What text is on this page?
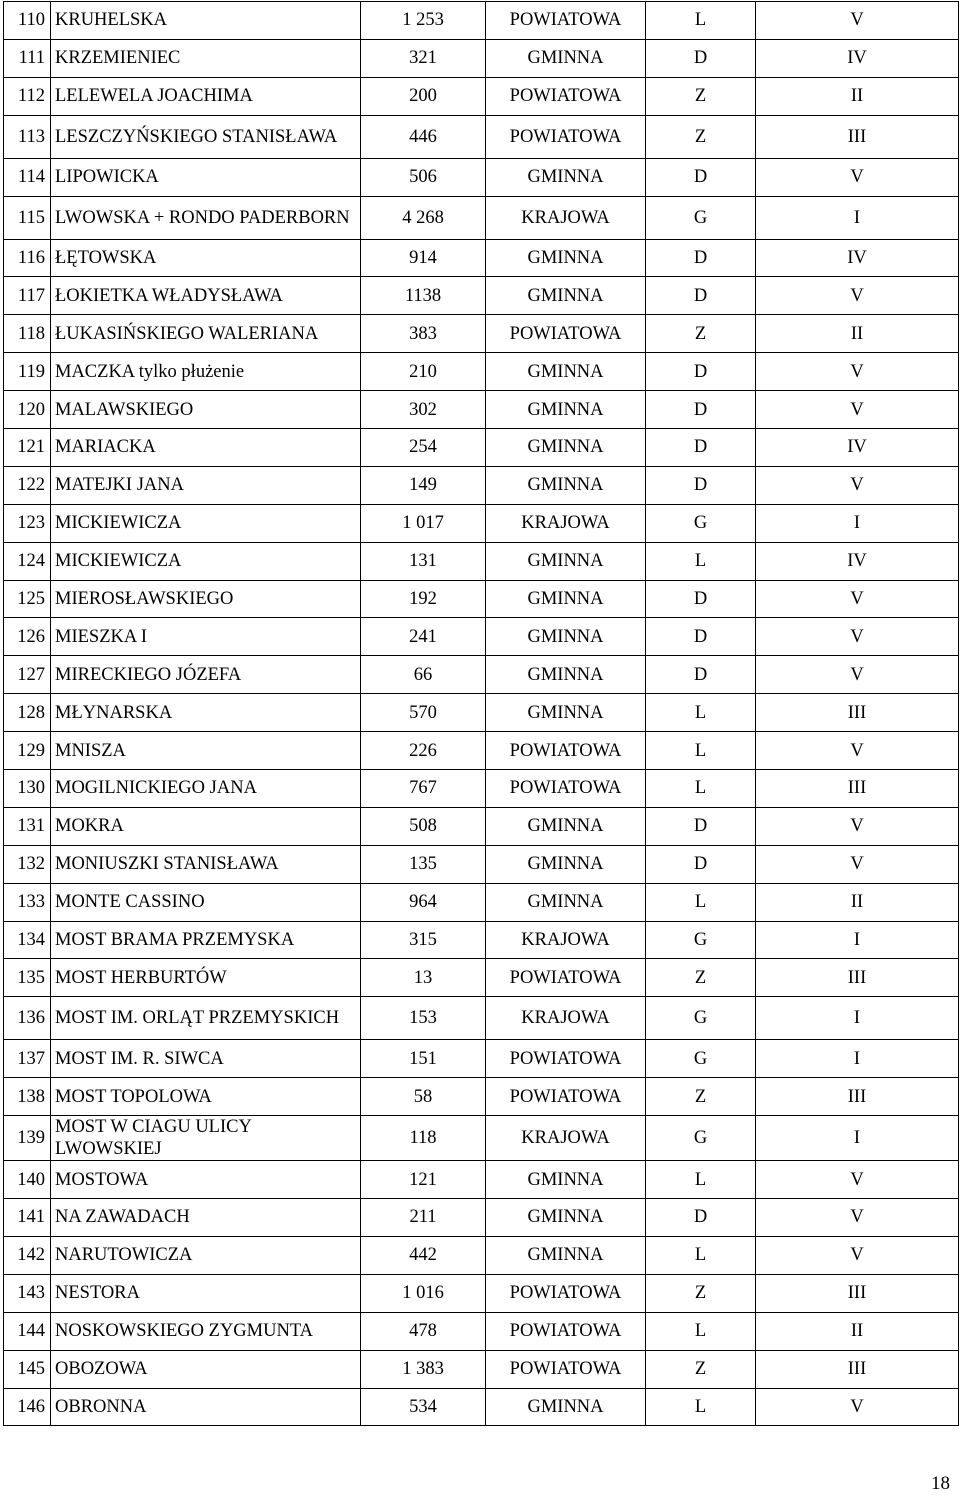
110	KRUHELSKA	1 253	POWIATOWA	L	V
111	KRZEMIENIEC	321	GMINNA	D	IV
112	LELEWELA JOACHIMA	200	POWIATOWA	Z	II
113	LESZCZYŃSKIEGO STANISŁAWA	446	POWIATOWA	Z	III
114	LIPOWICKA	506	GMINNA	D	V
115	LWOWSKA + RONDO PADERBORN	4 268	KRAJOWA	G	I
116	ŁĘTOWSKA	914	GMINNA	D	IV
117	ŁOKIETKA WŁADYSŁAWA	1138	GMINNA	D	V
118	ŁUKASIŃSKIEGO WALERIANA	383	POWIATOWA	Z	II
119	MACZKA tylko płużenie	210	GMINNA	D	V
120	MALAWSKIEGO	302	GMINNA	D	V
121	MARIACKA	254	GMINNA	D	IV
122	MATEJKI JANA	149	GMINNA	D	V
123	MICKIEWICZA	1 017	KRAJOWA	G	I
124	MICKIEWICZA	131	GMINNA	L	IV
125	MIEROSŁAWSKIEGO	192	GMINNA	D	V
126	MIESZKA I	241	GMINNA	D	V
127	MIRECKIEGO JÓZEFA	66	GMINNA	D	V
128	MŁYNARSKA	570	GMINNA	L	III
129	MNISZA	226	POWIATOWA	L	V
130	MOGILNICKIEGO JANA	767	POWIATOWA	L	III
131	MOKRA	508	GMINNA	D	V
132	MONIUSZKI STANISŁAWA	135	GMINNA	D	V
133	MONTE CASSINO	964	GMINNA	L	II
134	MOST BRAMA PRZEMYSKA	315	KRAJOWA	G	I
135	MOST HERBURTÓW	13	POWIATOWA	Z	III
136	MOST IM. ORLĄT PRZEMYSKICH	153	KRAJOWA	G	I
137	MOST IM. R. SIWCA	151	POWIATOWA	G	I
138	MOST TOPOLOWA	58	POWIATOWA	Z	III
139	MOST W CIAGU ULICY LWOWSKIEJ	118	KRAJOWA	G	I
140	MOSTOWA	121	GMINNA	L	V
141	NA ZAWADACH	211	GMINNA	D	V
142	NARUTOWICZA	442	GMINNA	L	V
143	NESTORA	1 016	POWIATOWA	Z	III
144	NOSKOWSKIEGO ZYGMUNTA	478	POWIATOWA	L	II
145	OBOZOWA	1 383	POWIATOWA	Z	III
146	OBRONNA	534	GMINNA	L	V
18
